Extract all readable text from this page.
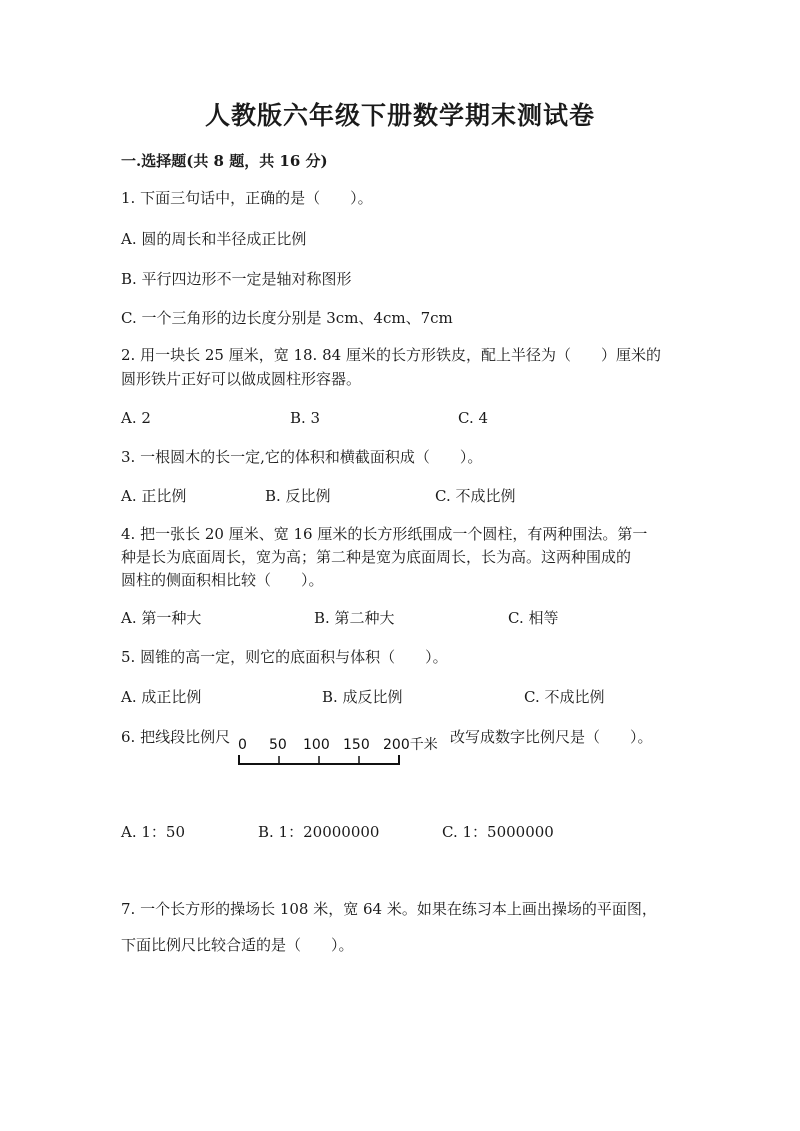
人教版六年级下册数学期末测试卷
一.选择题(共 8 题，共 16 分)
1. 下面三句话中，正确的是（　　）。
A. 圆的周长和半径成正比例
B. 平行四边形不一定是轴对称图形
C. 一个三角形的边长度分别是 3cm、4cm、7cm
2. 用一块长 25 厘米，宽 18. 84 厘米的长方形铁皮，配上半径为（　　）厘米的
圆形铁片正好可以做成圆柱形容器。
A. 2	B. 3	C. 4
3. 一根圆木的长一定,它的体积和横截面积成（　　）。
A. 正比例	B. 反比例	C. 不成比例
4. 把一张长 20 厘米、宽 16 厘米的长方形纸围成一个圆柱，有两种围法。第一
种是长为底面周长，宽为高；第二种是宽为底面周长，长为高。这两种围成的
圆柱的侧面积相比较（　　）。
A. 第一种大	B. 第二种大	C. 相等
5. 圆锥的高一定，则它的底面积与体积（　　）。
A. 成正比例	B. 成反比例	C. 不成比例
6. 把线段比例尺 0 50 100 150 200千米 改写成数字比例尺是（　　）。
A. 1：50	B. 1：20000000	C. 1：5000000
7. 一个长方形的操场长 108 米，宽 64 米。如果在练习本上画出操场的平面图，
下面比例尺比较合适的是（　　）。
